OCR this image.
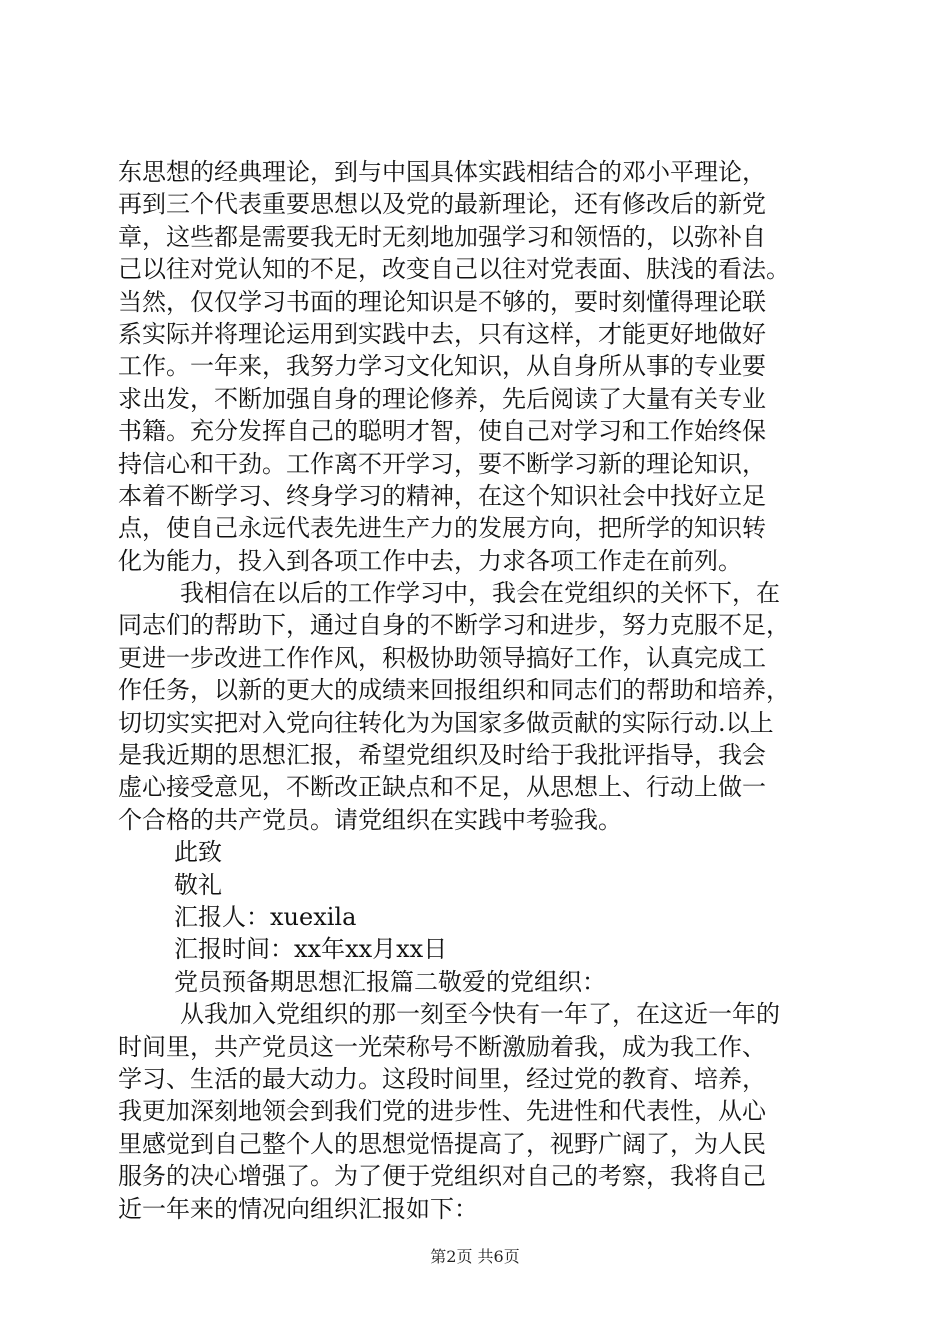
东思想的经典理论，到与中国具体实践相结合的邓小平理论，
再到三个代表重要思想以及党的最新理论，还有修改后的新党
章，这些都是需要我无时无刻地加强学习和领悟的，以弥补自
己以往对党认知的不足，改变自己以往对党表面、肤浅的看法。
当然，仅仅学习书面的理论知识是不够的，要时刻懂得理论联
系实际并将理论运用到实践中去，只有这样，才能更好地做好
工作。一年来，我努力学习文化知识，从自身所从事的专业要
求出发，不断加强自身的理论修养，先后阅读了大量有关专业
书籍。充分发挥自己的聪明才智，使自己对学习和工作始终保
持信心和干劲。工作离不开学习，要不断学习新的理论知识，
本着不断学习、终身学习的精神，在这个知识社会中找好立足
点，使自己永远代表先进生产力的发展方向，把所学的知识转
化为能力，投入到各项工作中去，力求各项工作走在前列。
我相信在以后的工作学习中，我会在党组织的关怀下，在
同志们的帮助下，通过自身的不断学习和进步，努力克服不足，
更进一步改进工作作风，积极协助领导搞好工作，认真完成工
作任务，以新的更大的成绩来回报组织和同志们的帮助和培养，
切切实实把对入党向往转化为为国家多做贡献的实际行动.以上
是我近期的思想汇报，希望党组织及时给于我批评指导，我会
虚心接受意见，不断改正缺点和不足，从思想上、行动上做一
个合格的共产党员。请党组织在实践中考验我。
此致
敬礼
汇报人：xuexila
汇报时间：xx年xx月xx日
党员预备期思想汇报篇二敬爱的党组织：
从我加入党组织的那一刻至今快有一年了，在这近一年的
时间里，共产党员这一光荣称号不断激励着我，成为我工作、
学习、生活的最大动力。这段时间里，经过党的教育、培养，
我更加深刻地领会到我们党的进步性、先进性和代表性，从心
里感觉到自己整个人的思想觉悟提高了，视野广阔了，为人民
服务的决心增强了。为了便于党组织对自己的考察，我将自己
近一年来的情况向组织汇报如下：
第2页 共6页
